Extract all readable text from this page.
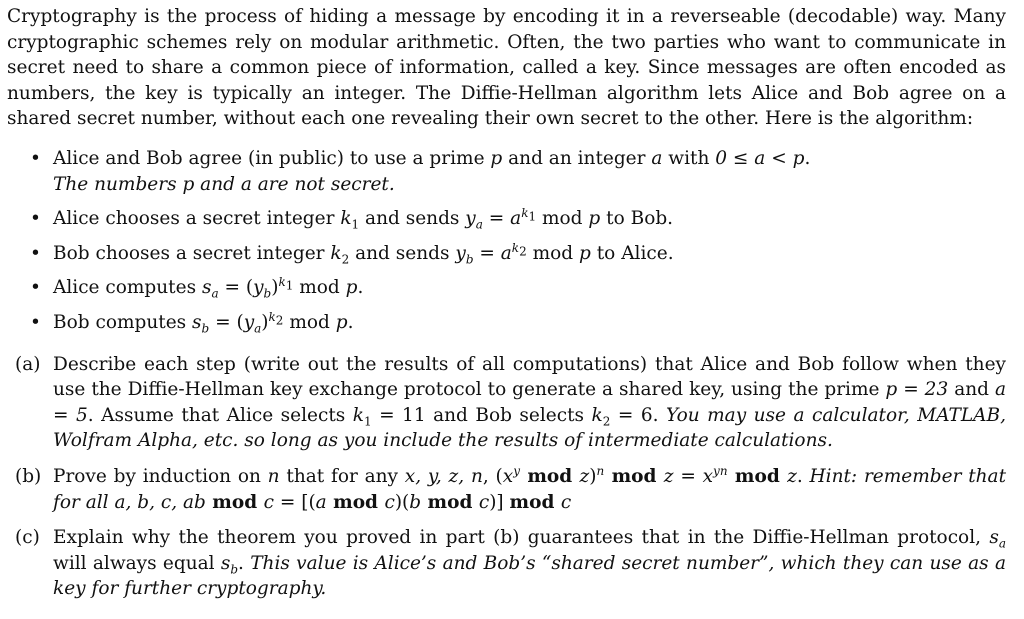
Cryptography is the process of hiding a message by encoding it in a reverseable (decodable) way. Many cryptographic schemes rely on modular arithmetic. Often, the two parties who want to communicate in secret need to share a common piece of information, called a key. Since messages are often encoded as numbers, the key is typically an integer. The Diffie-Hellman algorithm lets Alice and Bob agree on a shared secret number, without each one revealing their own secret to the other. Here is the algorithm:

• Alice and Bob agree (in public) to use a prime p and an integer a with 0 ≤ a < p.
The numbers p and a are not secret.
• Alice chooses a secret integer $k_1$ and sends $y_a = a^{k_1}$ mod p to Bob.
• Bob chooses a secret integer $k_2$ and sends $y_b = a^{k_2}$ mod p to Alice.
• Alice computes $s_a = (y_b)^{k_1}$ mod p.
• Bob computes $s_b = (y_a)^{k_2}$ mod p.
(a) Describe each step (write out the results of all computations) that Alice and Bob follow when they use the Diffie-Hellman key exchange protocol to generate a shared key, using the prime p = 23 and a = 5. Assume that Alice selects $k_1 = 11$ and Bob selects $k_2 = 6$. You may use a calculator, MATLAB, Wolfram Alpha, etc. so long as you include the results of intermediate calculations.
(b) Prove by induction on n that for any x, y, z, n, ($x^y$ mod z)$^n$ mod $z = x^{yn}$ mod z. Hint: remember that for all a, b, c, ab mod c = [(a mod c)(b mod c)] mod c
(c) Explain why the theorem you proved in part (b) guarantees that in the Diffie-Hellman protocol, $s_a$ will always equal $s_b$. This value is Alice’s and Bob’s “shared secret number”, which they can use as a key for further cryptography.
